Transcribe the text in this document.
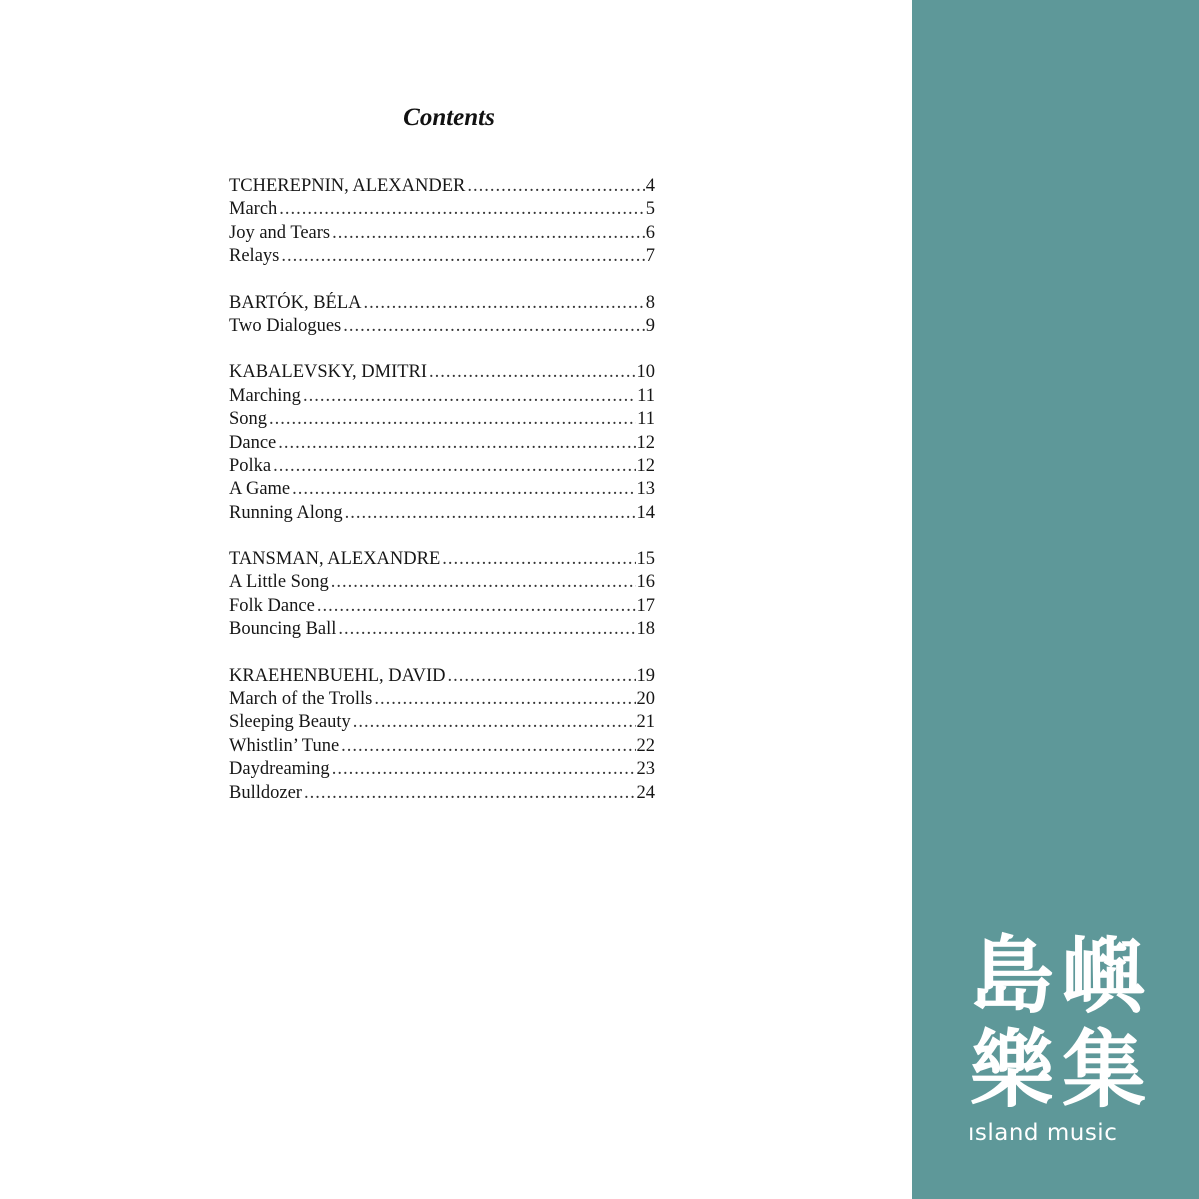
Contents
TCHEREPNIN, ALEXANDER .....	4
March .....	5
Joy and Tears .....	6
Relays .....	7
BARTÓK, BÉLA .....	8
Two Dialogues .....	9
KABALEVSKY, DMITRI .....	10
Marching .....	11
Song .....	11
Dance .....	12
Polka .....	12
A Game .....	13
Running Along .....	14
TANSMAN, ALEXANDRE .....	15
A Little Song .....	16
Folk Dance .....	17
Bouncing Ball .....	18
KRAEHENBUEHL, DAVID .....	19
March of the Trolls .....	20
Sleeping Beauty .....	21
Whistlin’ Tune .....	22
Daydreaming .....	23
Bulldozer .....	24
島 嶼
樂 集
ısland music
